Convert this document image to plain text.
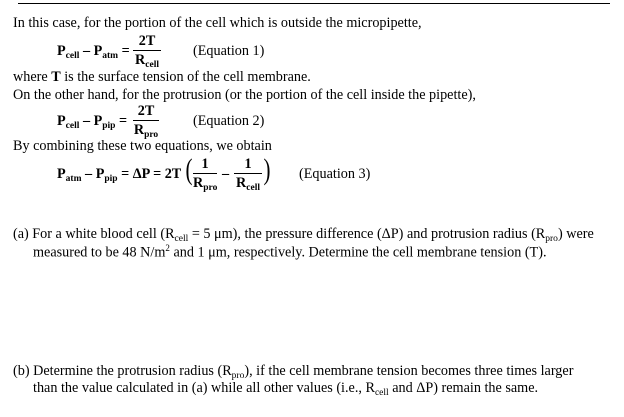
In this case, for the portion of the cell which is outside the micropipette,
$P_{cell} - P_{atm}$ =
2T
$R_{cell}$
(Equation 1)
where T is the surface tension of the cell membrane.
On the other hand, for the protrusion (or the portion of the cell inside the pipette),
$P_{cell} - P_{pip}$ =
2T
$R_{pro}$
(Equation 2)
By combining these two equations, we obtain
$P_{atm} - P_{pip} = \Delta P = 2T$ ( 1
$R_{pro}$
–
1
$R_{cell}$
) (Equation 3)
(a) For a white blood cell ($R_{cell} = 5$ μm), the pressure difference (ΔP) and protrusion radius $(R_{pro})$ were
measured to be 48 $N/m^2$ and 1 μm, respectively. Determine the cell membrane tension (T).
(b) Determine the protrusion radius $(R_{pro})$, if the cell membrane tension becomes three times larger
than the value calculated in (a) while all other values (i.e., $R_{cell}$ and ΔP) remain the same.
